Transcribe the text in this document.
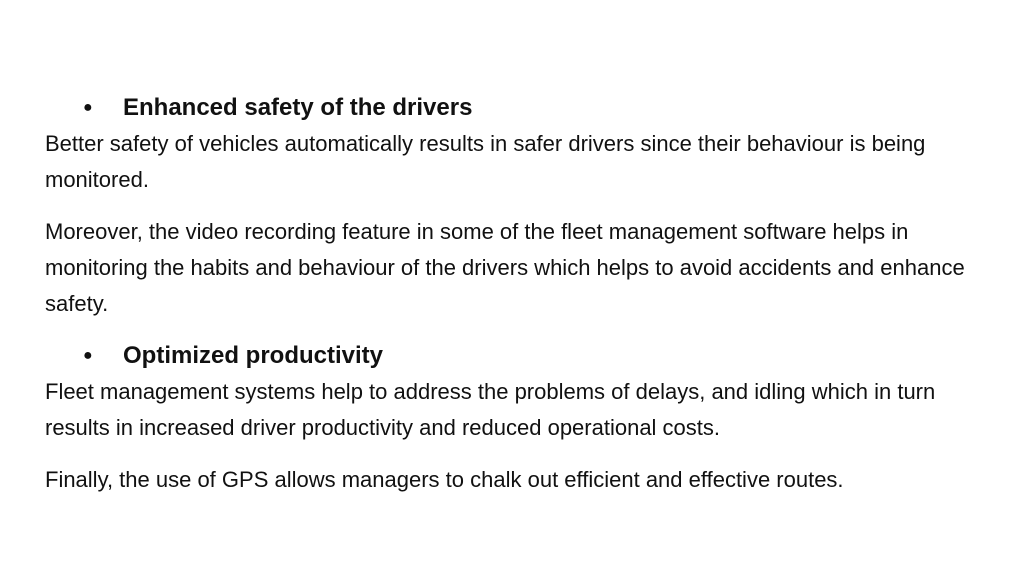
●	Enhanced safety of the drivers

Better safety of vehicles automatically results in safer drivers since their behaviour is being monitored.

Moreover, the video recording feature in some of the fleet management software helps in monitoring the habits and behaviour of the drivers which helps to avoid accidents and enhance safety.

●	Optimized productivity

Fleet management systems help to address the problems of delays, and idling which in turn results in increased driver productivity and reduced operational costs.

Finally, the use of GPS allows managers to chalk out efficient and effective routes.
